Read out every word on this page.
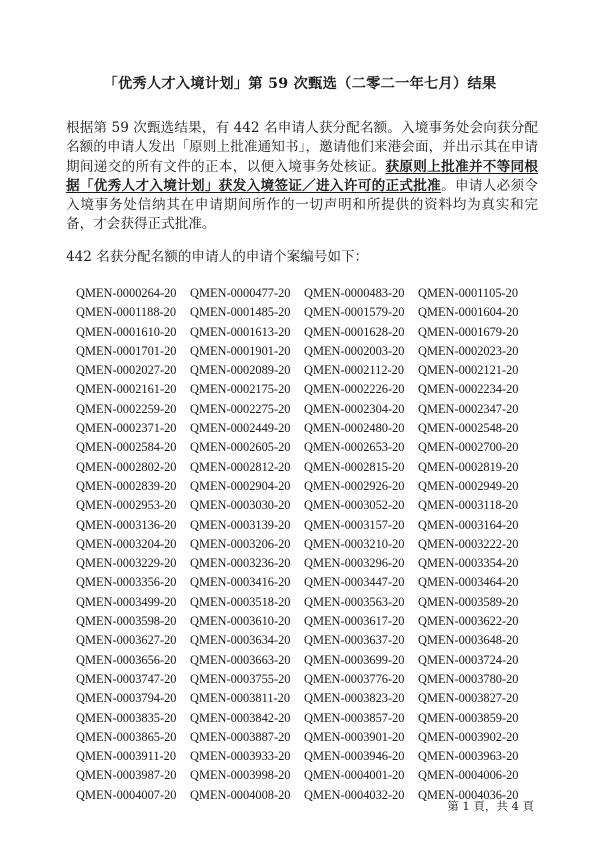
「优秀人才入境计划」第 59 次甄选（二零二一年七月）结果

根据第 59 次甄选结果，有 442 名申请人获分配名额。入境事务处会向获分配名额的申请人发出「原则上批准通知书」，邀请他们来港会面，并出示其在申请期间递交的所有文件的正本，以便入境事务处核证。获原则上批准并不等同根据「优秀人才入境计划」获发入境签证／进入许可的正式批准。申请人必须令入境事务处信纳其在申请期间所作的一切声明和所提供的资料均为真实和完备，才会获得正式批准。

442 名获分配名额的申请人的申请个案编号如下：

QMEN-0000264-20	QMEN-0000477-20	QMEN-0000483-20	QMEN-0001105-20
QMEN-0001188-20	QMEN-0001485-20	QMEN-0001579-20	QMEN-0001604-20
QMEN-0001610-20	QMEN-0001613-20	QMEN-0001628-20	QMEN-0001679-20
QMEN-0001701-20	QMEN-0001901-20	QMEN-0002003-20	QMEN-0002023-20
QMEN-0002027-20	QMEN-0002089-20	QMEN-0002112-20	QMEN-0002121-20
QMEN-0002161-20	QMEN-0002175-20	QMEN-0002226-20	QMEN-0002234-20
QMEN-0002259-20	QMEN-0002275-20	QMEN-0002304-20	QMEN-0002347-20
QMEN-0002371-20	QMEN-0002449-20	QMEN-0002480-20	QMEN-0002548-20
QMEN-0002584-20	QMEN-0002605-20	QMEN-0002653-20	QMEN-0002700-20
QMEN-0002802-20	QMEN-0002812-20	QMEN-0002815-20	QMEN-0002819-20
QMEN-0002839-20	QMEN-0002904-20	QMEN-0002926-20	QMEN-0002949-20
QMEN-0002953-20	QMEN-0003030-20	QMEN-0003052-20	QMEN-0003118-20
QMEN-0003136-20	QMEN-0003139-20	QMEN-0003157-20	QMEN-0003164-20
QMEN-0003204-20	QMEN-0003206-20	QMEN-0003210-20	QMEN-0003222-20
QMEN-0003229-20	QMEN-0003236-20	QMEN-0003296-20	QMEN-0003354-20
QMEN-0003356-20	QMEN-0003416-20	QMEN-0003447-20	QMEN-0003464-20
QMEN-0003499-20	QMEN-0003518-20	QMEN-0003563-20	QMEN-0003589-20
QMEN-0003598-20	QMEN-0003610-20	QMEN-0003617-20	QMEN-0003622-20
QMEN-0003627-20	QMEN-0003634-20	QMEN-0003637-20	QMEN-0003648-20
QMEN-0003656-20	QMEN-0003663-20	QMEN-0003699-20	QMEN-0003724-20
QMEN-0003747-20	QMEN-0003755-20	QMEN-0003776-20	QMEN-0003780-20
QMEN-0003794-20	QMEN-0003811-20	QMEN-0003823-20	QMEN-0003827-20
QMEN-0003835-20	QMEN-0003842-20	QMEN-0003857-20	QMEN-0003859-20
QMEN-0003865-20	QMEN-0003887-20	QMEN-0003901-20	QMEN-0003902-20
QMEN-0003911-20	QMEN-0003933-20	QMEN-0003946-20	QMEN-0003963-20
QMEN-0003987-20	QMEN-0003998-20	QMEN-0004001-20	QMEN-0004006-20
QMEN-0004007-20	QMEN-0004008-20	QMEN-0004032-20	QMEN-0004036-20
第 1 頁，共 4 頁
